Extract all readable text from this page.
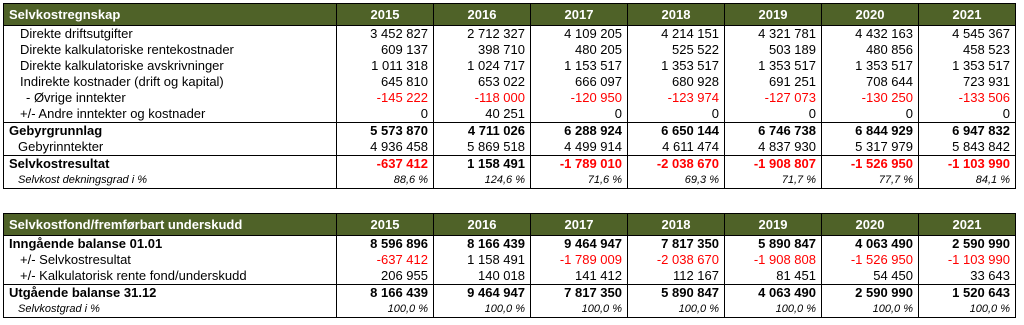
Selvkostregnskap	2015	2016	2017	2018	2019	2020	2021
Direkte driftsutgifter	3 452 827	2 712 327	4 109 205	4 214 151	4 321 781	4 432 163	4 545 367
Direkte kalkulatoriske rentekostnader	609 137	398 710	480 205	525 522	503 189	480 856	458 523
Direkte kalkulatoriske avskrivninger	1 011 318	1 024 717	1 153 517	1 353 517	1 353 517	1 353 517	1 353 517
Indirekte kostnader (drift og kapital)	645 810	653 022	666 097	680 928	691 251	708 644	723 931
- Øvrige inntekter	-145 222	-118 000	-120 950	-123 974	-127 073	-130 250	-133 506
+/- Andre inntekter og kostnader	0	40 251	0	0	0	0	0
Gebyrgrunnlag	5 573 870	4 711 026	6 288 924	6 650 144	6 746 738	6 844 929	6 947 832
Gebyrinntekter	4 936 458	5 869 518	4 499 914	4 611 474	4 837 930	5 317 979	5 843 842
Selvkostresultat	-637 412	1 158 491	-1 789 010	-2 038 670	-1 908 807	-1 526 950	-1 103 990
Selvkost dekningsgrad i %	88,6 %	124,6 %	71,6 %	69,3 %	71,7 %	77,7 %	84,1 %
Selvkostfond/fremførbart underskudd	2015	2016	2017	2018	2019	2020	2021
Inngående balanse 01.01	8 596 896	8 166 439	9 464 947	7 817 350	5 890 847	4 063 490	2 590 990
+/- Selvkostresultat	-637 412	1 158 491	-1 789 009	-2 038 670	-1 908 808	-1 526 950	-1 103 990
+/- Kalkulatorisk rente fond/underskudd	206 955	140 018	141 412	112 167	81 451	54 450	33 643
Utgående balanse 31.12	8 166 439	9 464 947	7 817 350	5 890 847	4 063 490	2 590 990	1 520 643
Selvkostgrad i %	100,0 %	100,0 %	100,0 %	100,0 %	100,0 %	100,0 %	100,0 %
